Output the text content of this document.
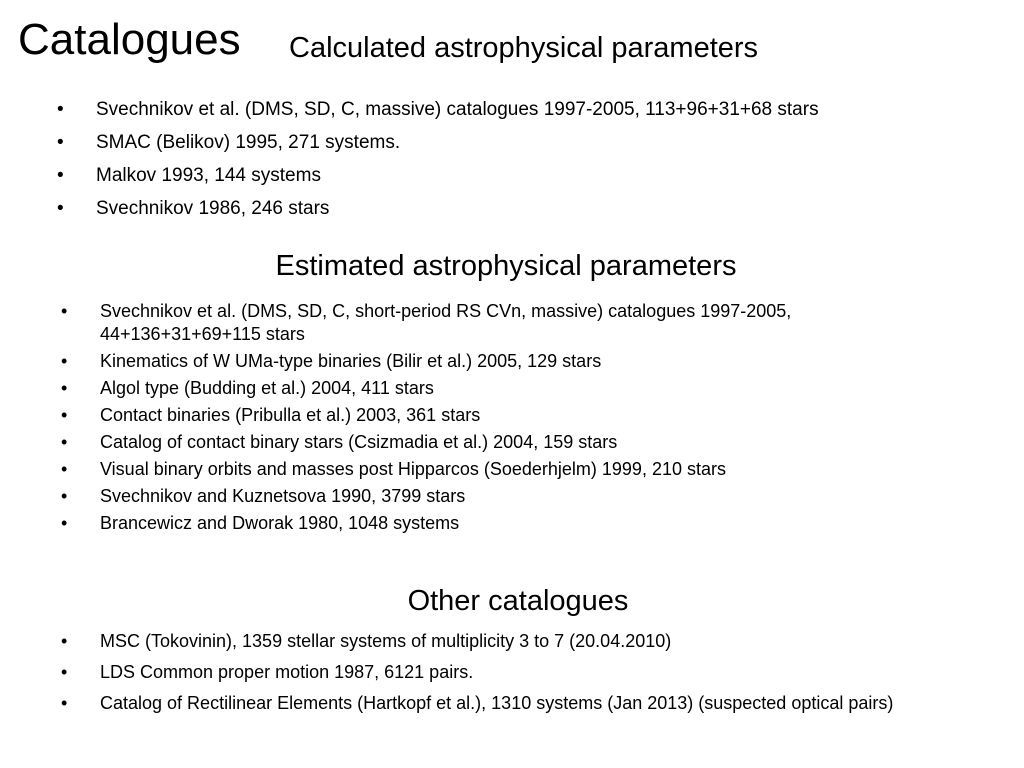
Catalogues Calculated astrophysical parameters
• Svechnikov et al. (DMS, SD, C, massive) catalogues 1997-2005, 113+96+31+68 stars
• SMAC (Belikov) 1995, 271 systems.
• Malkov 1993, 144 systems
• Svechnikov 1986, 246 stars
Estimated astrophysical parameters
• Svechnikov et al. (DMS, SD, C, short-period RS CVn, massive) catalogues 1997-2005, 44+136+31+69+115 stars
• Kinematics of W UMa-type binaries (Bilir et al.) 2005, 129 stars
• Algol type (Budding et al.) 2004, 411 stars
• Contact binaries (Pribulla et al.) 2003, 361 stars
• Catalog of contact binary stars (Csizmadia et al.) 2004, 159 stars
• Visual binary orbits and masses post Hipparcos (Soederhjelm) 1999, 210 stars
• Svechnikov and Kuznetsova 1990, 3799 stars
• Brancewicz and Dworak 1980, 1048 systems
Other catalogues
• MSC (Tokovinin), 1359 stellar systems of multiplicity 3 to 7 (20.04.2010)
• LDS Common proper motion 1987, 6121 pairs.
• Catalog of Rectilinear Elements (Hartkopf et al.), 1310 systems (Jan 2013) (suspected optical pairs)
